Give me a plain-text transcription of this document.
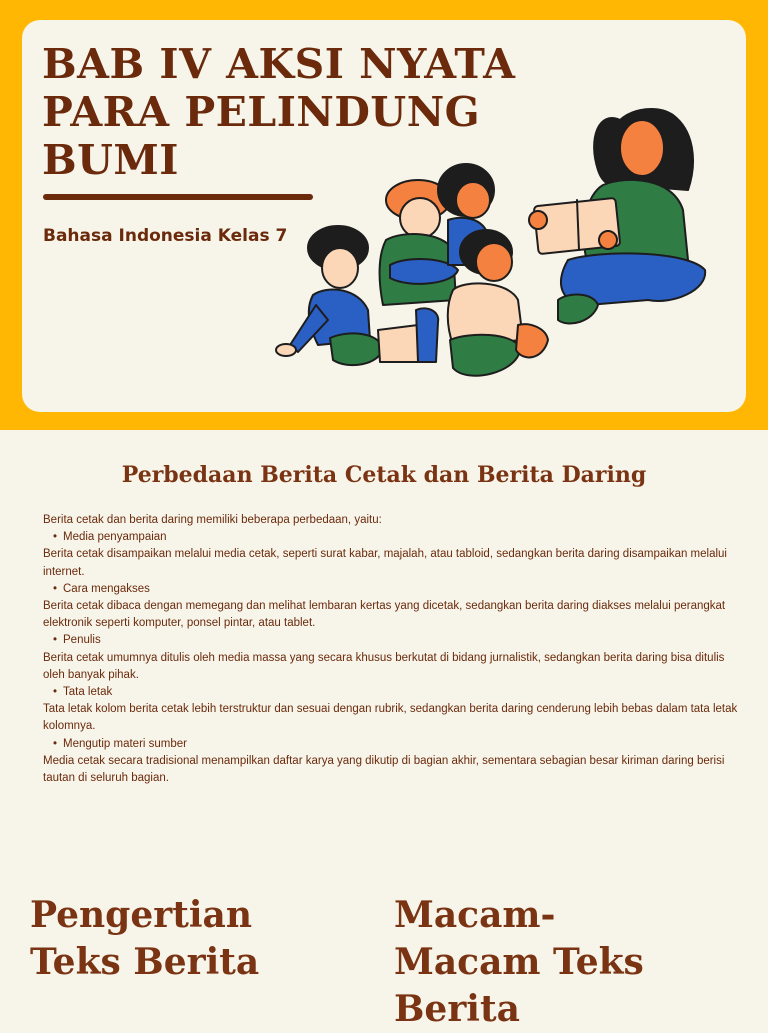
BAB IV AKSI NYATA
PARA PELINDUNG
BUMI
Bahasa Indonesia Kelas 7
Perbedaan Berita Cetak dan Berita Daring

Berita cetak dan berita daring memiliki beberapa perbedaan, yaitu:

• Media penyampaian

Berita cetak disampaikan melalui media cetak, seperti surat kabar, majalah, atau tabloid, sedangkan berita daring disampaikan melalui internet.

• Cara mengakses

Berita cetak dibaca dengan memegang dan melihat lembaran kertas yang dicetak, sedangkan berita daring diakses melalui perangkat elektronik seperti komputer, ponsel pintar, atau tablet.

• Penulis

Berita cetak umumnya ditulis oleh media massa yang secara khusus berkutat di bidang jurnalistik, sedangkan berita daring bisa ditulis oleh banyak pihak.

• Tata letak

Tata letak kolom berita cetak lebih terstruktur dan sesuai dengan rubrik, sedangkan berita daring cenderung lebih bebas dalam tata letak kolomnya.

• Mengutip materi sumber

Media cetak secara tradisional menampilkan daftar karya yang dikutip di bagian akhir, sementara sebagian besar kiriman daring berisi tautan di seluruh bagian.

Pengertian
Teks Berita
Macam-
Macam Teks
Berita
